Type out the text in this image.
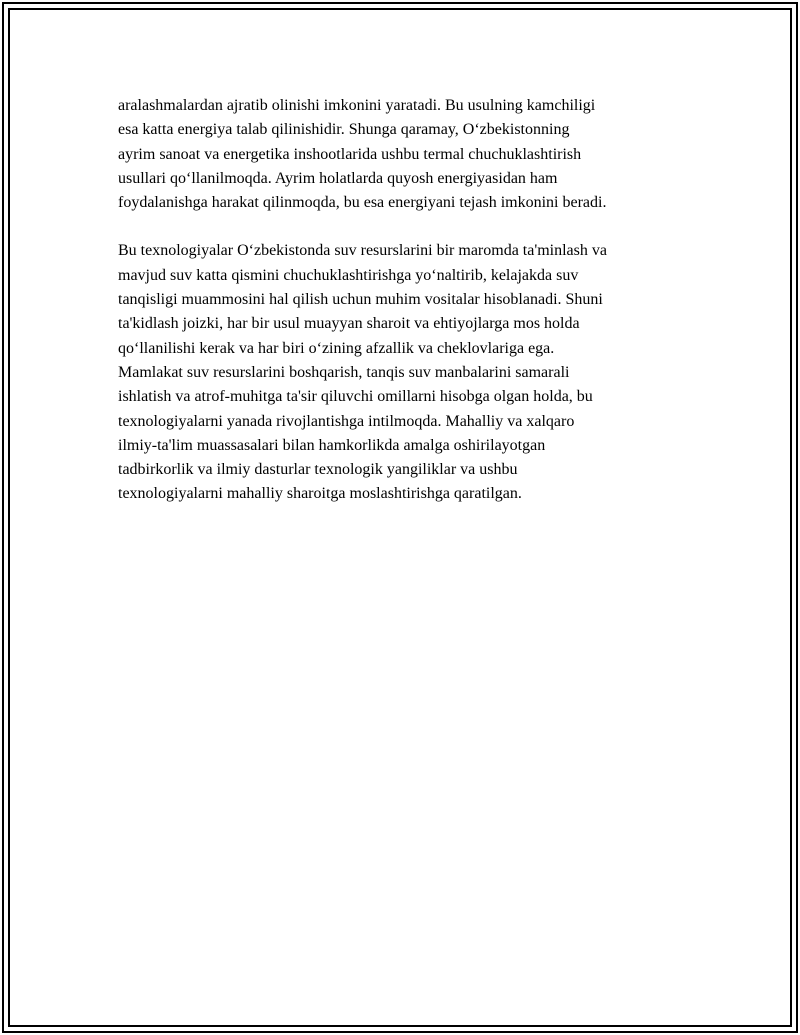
aralashmalardan ajratib olinishi imkonini yaratadi. Bu usulning kamchiligi
esa katta energiya talab qilinishidir. Shunga qaramay, O‘zbekistonning
ayrim sanoat va energetika inshootlarida ushbu termal chuchuklashtirish
usullari qo‘llanilmoqda. Ayrim holatlarda quyosh energiyasidan ham
foydalanishga harakat qilinmoqda, bu esa energiyani tejash imkonini beradi.

Bu texnologiyalar O‘zbekistonda suv resurslarini bir maromda ta'minlash va
mavjud suv katta qismini chuchuklashtirishga yo‘naltirib, kelajakda suv
tanqisligi muammosini hal qilish uchun muhim vositalar hisoblanadi. Shuni
ta'kidlash joizki, har bir usul muayyan sharoit va ehtiyojlarga mos holda
qo‘llanilishi kerak va har biri o‘zining afzallik va cheklovlariga ega.
Mamlakat suv resurslarini boshqarish, tanqis suv manbalarini samarali
ishlatish va atrof-muhitga ta'sir qiluvchi omillarni hisobga olgan holda, bu
texnologiyalarni yanada rivojlantishga intilmoqda. Mahalliy va xalqaro
ilmiy-ta'lim muassasalari bilan hamkorlikda amalga oshirilayotgan
tadbirkorlik va ilmiy dasturlar texnologik yangiliklar va ushbu
texnologiyalarni mahalliy sharoitga moslashtirishga qaratilgan.
